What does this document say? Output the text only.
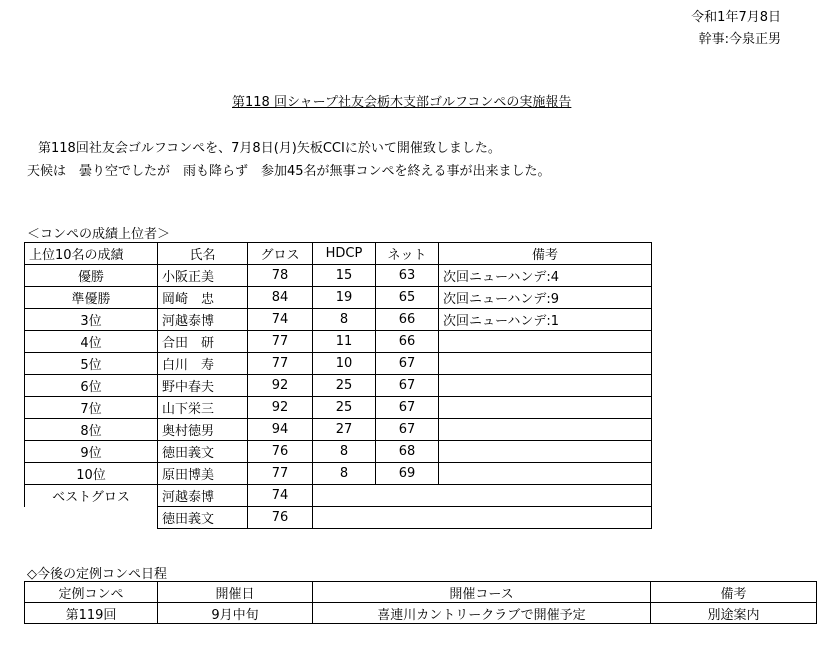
令和1年7月8日
幹事:今泉正男
第118 回シャープ社友会栃木支部ゴルフコンペの実施報告
第118回社友会ゴルフコンペを、7月8日(月)矢板CCIに於いて開催致しました。
天候は　曇り空でしたが　雨も降らず　参加45名が無事コンペを終える事が出来ました。
＜コンペの成績上位者＞
上位10名の成績	氏名	グロス	HDCP	ネット	備考
優勝	小阪正美	78	15	63	次回ニューハンデ:4
準優勝	岡崎　忠	84	19	65	次回ニューハンデ:9
3位	河越泰博	74	8	66	次回ニューハンデ:1
4位	合田　研	77	11	66	
5位	白川　寿	77	10	67	
6位	野中春夫	92	25	67	
7位	山下栄三	92	25	67	
8位	奥村徳男	94	27	67	
9位	徳田義文	76	8	68	
10位	原田博美	77	8	69	
ベストグロス	河越泰博	74			
	徳田義文	76			
◇今後の定例コンペ日程
定例コンペ	開催日	開催コース	備考
第119回	9月中旬	喜連川カントリークラブで開催予定	別途案内
